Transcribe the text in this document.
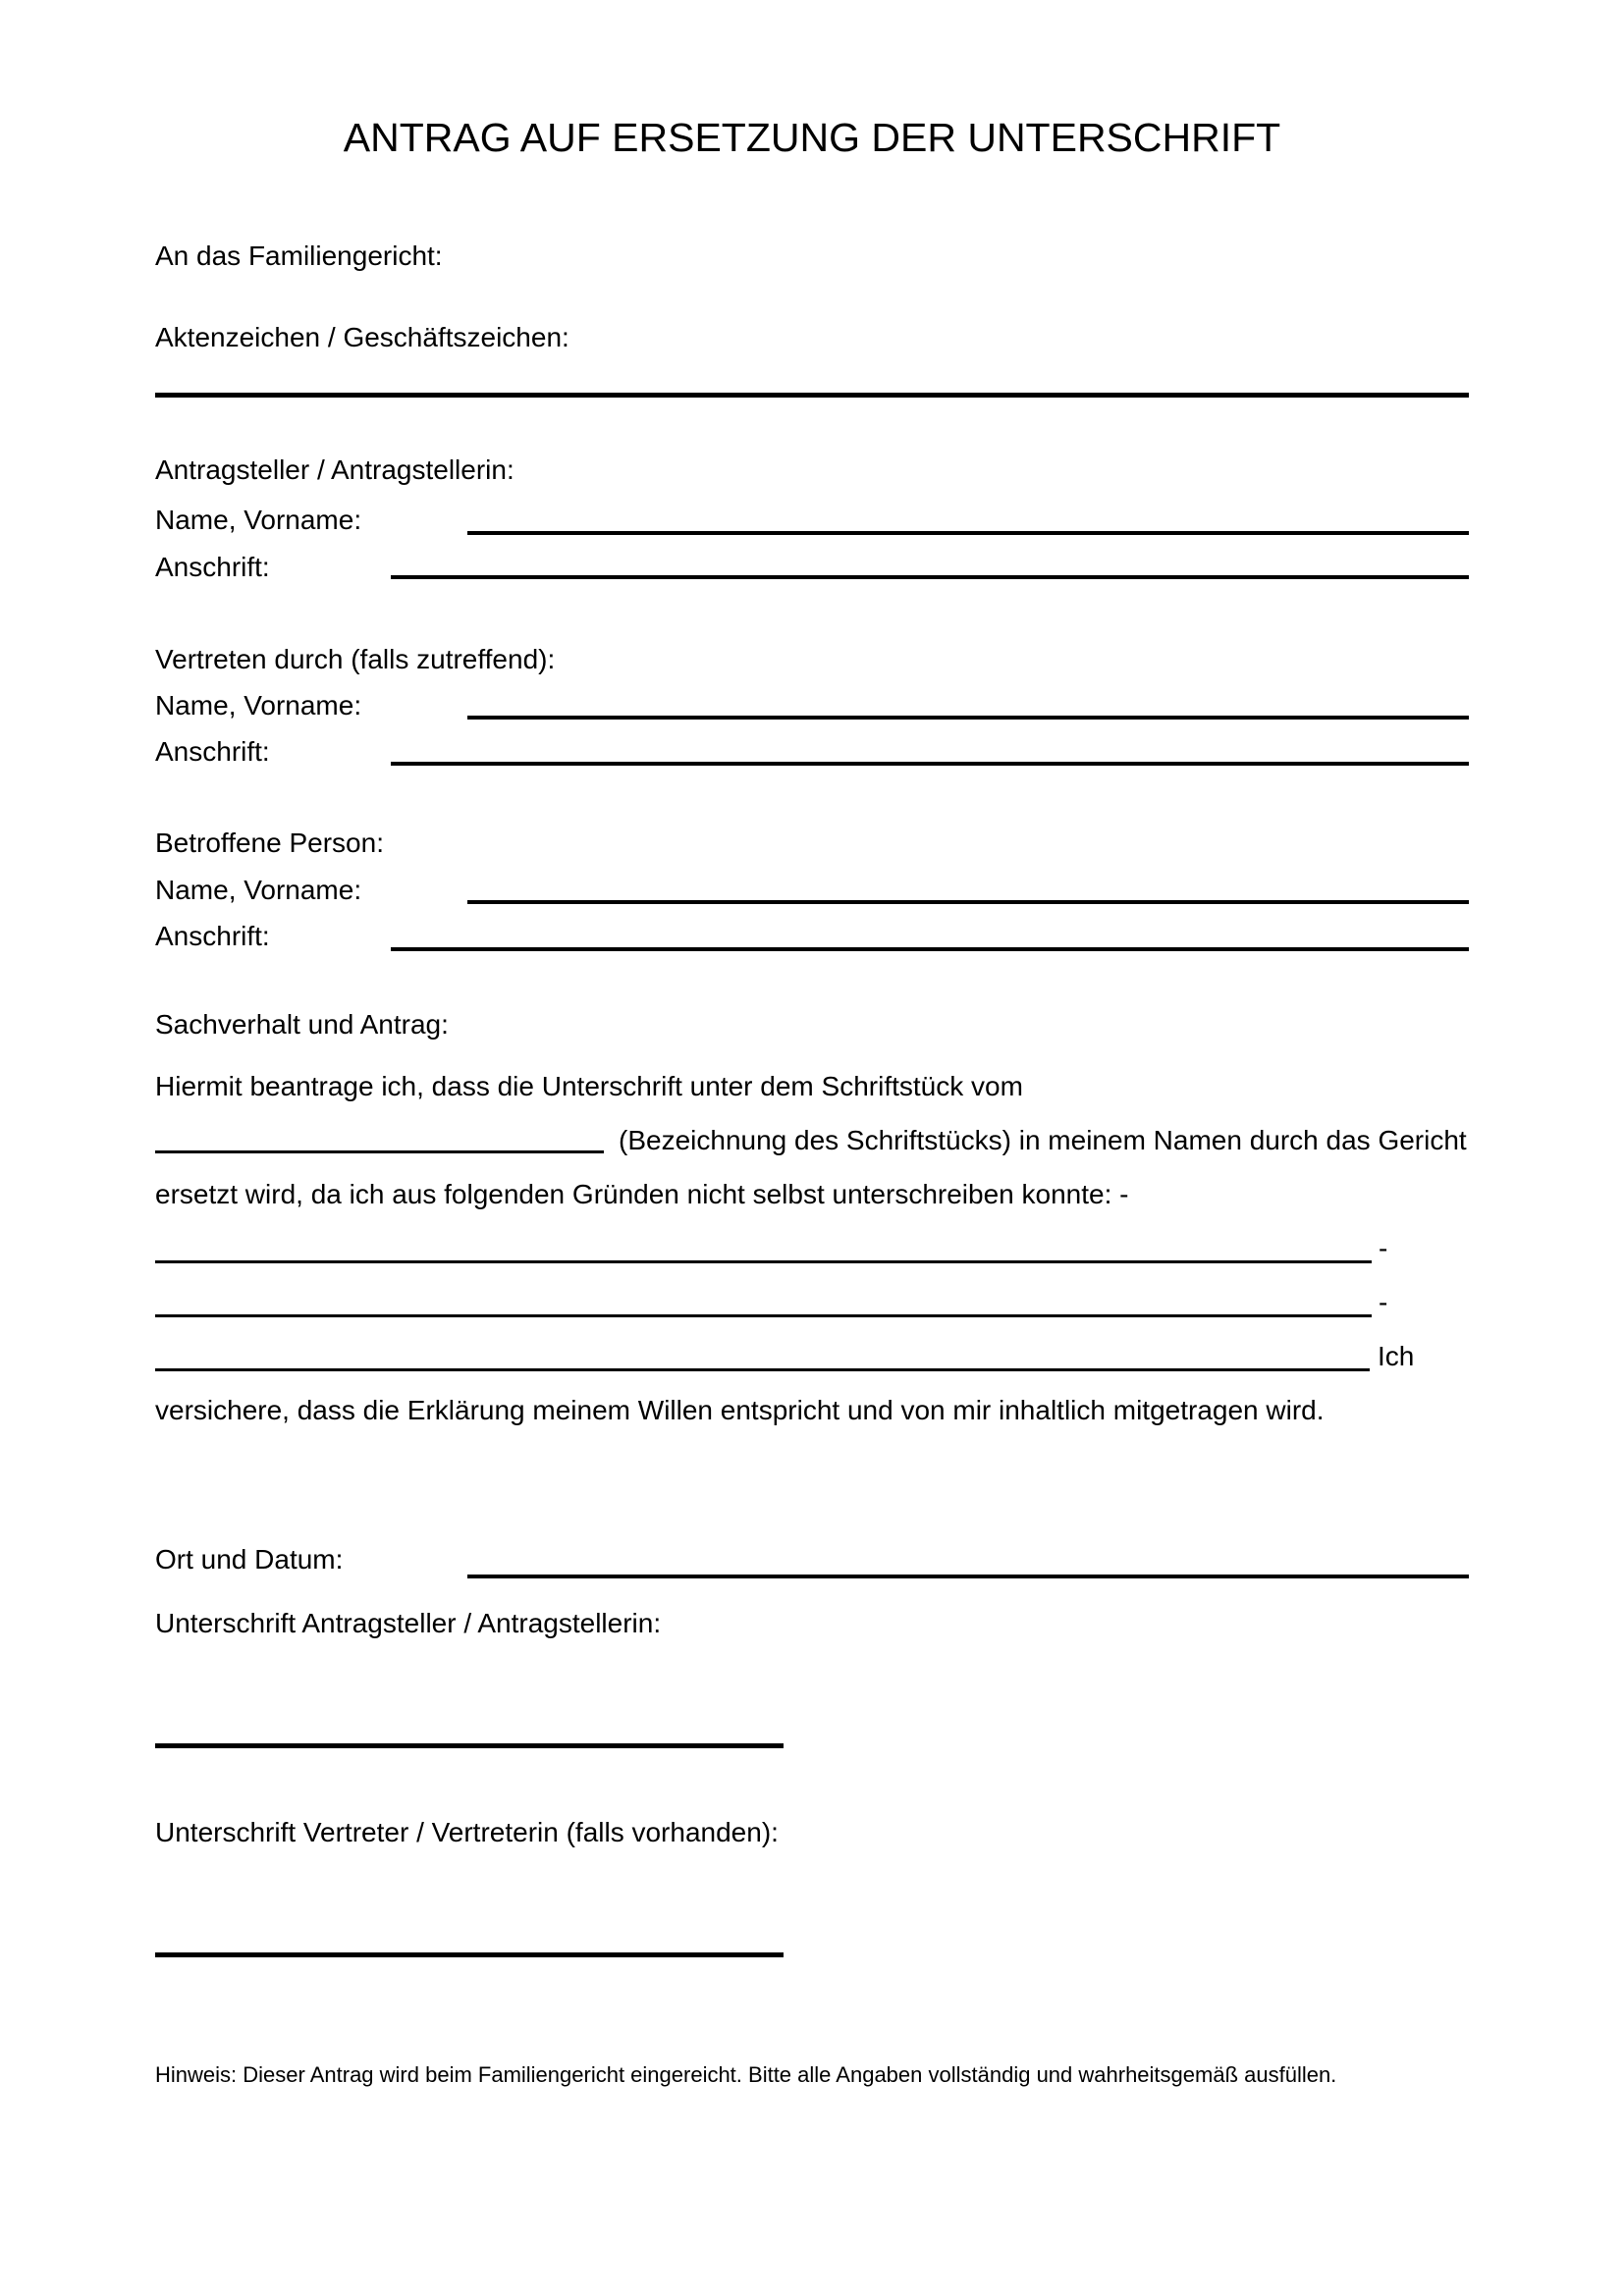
ANTRAG AUF ERSETZUNG DER UNTERSCHRIFT
An das Familiengericht:
Aktenzeichen / Geschäftszeichen:
Antragsteller / Antragstellerin:
Name, Vorname:
Anschrift:
Vertreten durch (falls zutreffend):
Name, Vorname:
Anschrift:
Betroffene Person:
Name, Vorname:
Anschrift:
Sachverhalt und Antrag:
Hiermit beantrage ich, dass die Unterschrift unter dem Schriftstück vom
(Bezeichnung des Schriftstücks) in meinem Namen durch das Gericht
ersetzt wird, da ich aus folgenden Gründen nicht selbst unterschreiben konnte: -
-
-
Ich
versichere, dass die Erklärung meinem Willen entspricht und von mir inhaltlich mitgetragen wird.
Ort und Datum:
Unterschrift Antragsteller / Antragstellerin:
Unterschrift Vertreter / Vertreterin (falls vorhanden):
Hinweis: Dieser Antrag wird beim Familiengericht eingereicht. Bitte alle Angaben vollständig und wahrheitsgemäß ausfüllen.
